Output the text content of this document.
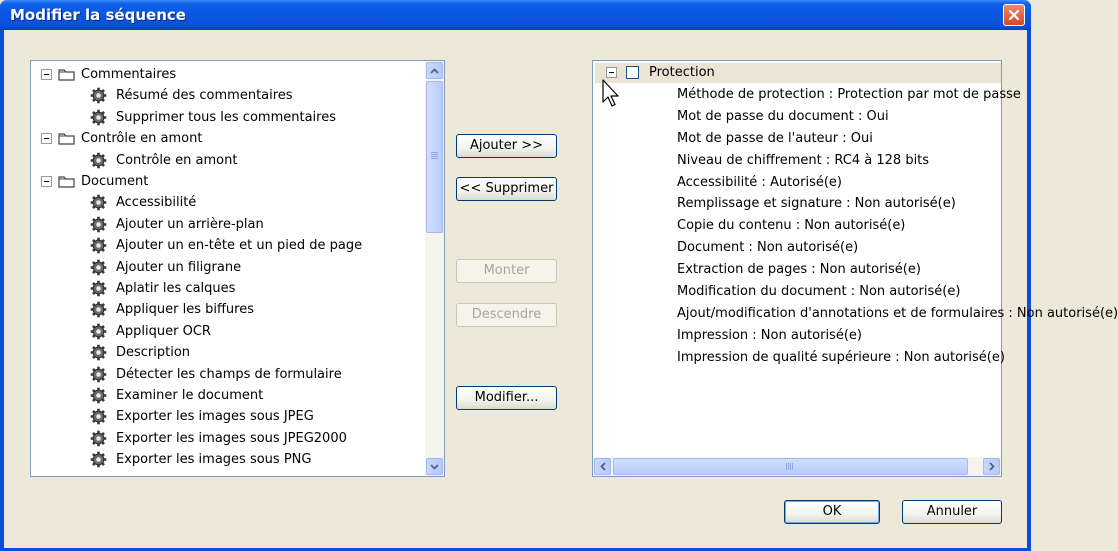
Modifier la séquence
Commentaires
Résumé des commentaires
Supprimer tous les commentaires
Contrôle en amont
Contrôle en amont
Document
Accessibilité
Ajouter un arrière-plan
Ajouter un en-tête et un pied de page
Ajouter un filigrane
Aplatir les calques
Appliquer les biffures
Appliquer OCR
Description
Détecter les champs de formulaire
Examiner le document
Exporter les images sous JPEG
Exporter les images sous JPEG2000
Exporter les images sous PNG
Ajouter >>
<< Supprimer
Monter
Descendre
Modifier...
Protection
Méthode de protection : Protection par mot de passe
Mot de passe du document : Oui
Mot de passe de l'auteur : Oui
Niveau de chiffrement : RC4 à 128 bits
Accessibilité : Autorisé(e)
Remplissage et signature : Non autorisé(e)
Copie du contenu : Non autorisé(e)
Document : Non autorisé(e)
Extraction de pages : Non autorisé(e)
Modification du document : Non autorisé(e)
Ajout/modification d'annotations et de formulaires : Non autorisé(e)
Impression : Non autorisé(e)
Impression de qualité supérieure : Non autorisé(e)
OK	Annuler
